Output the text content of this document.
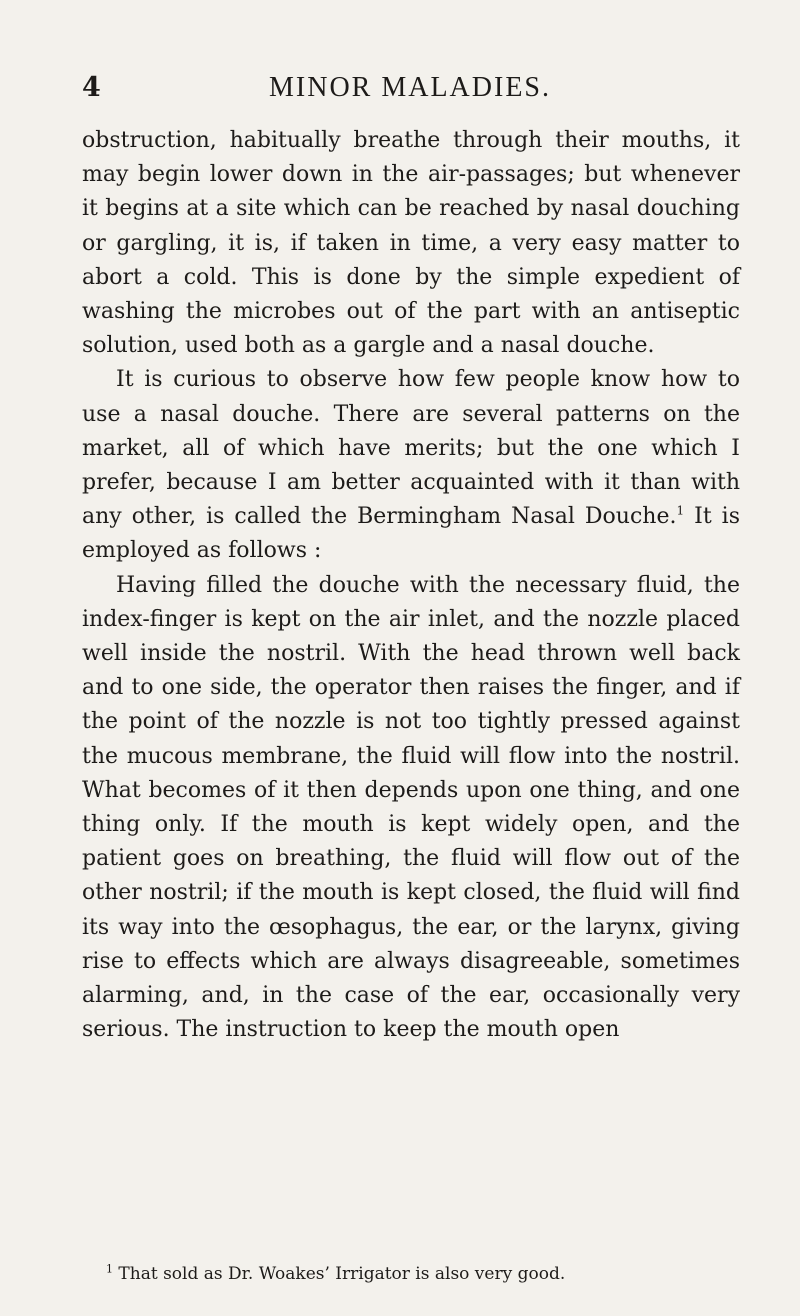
4	MINOR MALADIES.

obstruction, habitually breathe through their mouths, it may begin lower down in the air-passages; but whenever it begins at a site which can be reached by nasal douching or gargling, it is, if taken in time, a very easy matter to abort a cold. This is done by the simple expedient of washing the microbes out of the part with an antiseptic solution, used both as a gargle and a nasal douche.

It is curious to observe how few people know how to use a nasal douche. There are several patterns on the market, all of which have merits; but the one which I prefer, because I am better acquainted with it than with any other, is called the Bermingham Nasal Douche.$^1$ It is employed as follows :

Having filled the douche with the necessary fluid, the index-finger is kept on the air inlet, and the nozzle placed well inside the nostril. With the head thrown well back and to one side, the operator then raises the finger, and if the point of the nozzle is not too tightly pressed against the mucous membrane, the fluid will flow into the nostril. What becomes of it then depends upon one thing, and one thing only. If the mouth is kept widely open, and the patient goes on breathing, the fluid will flow out of the other nostril; if the mouth is kept closed, the fluid will find its way into the œsophagus, the ear, or the larynx, giving rise to effects which are always disagreeable, sometimes alarming, and, in the case of the ear, occasionally very serious. The instruction to keep the mouth open

$^1$ That sold as Dr. Woakes’ Irrigator is also very good.
